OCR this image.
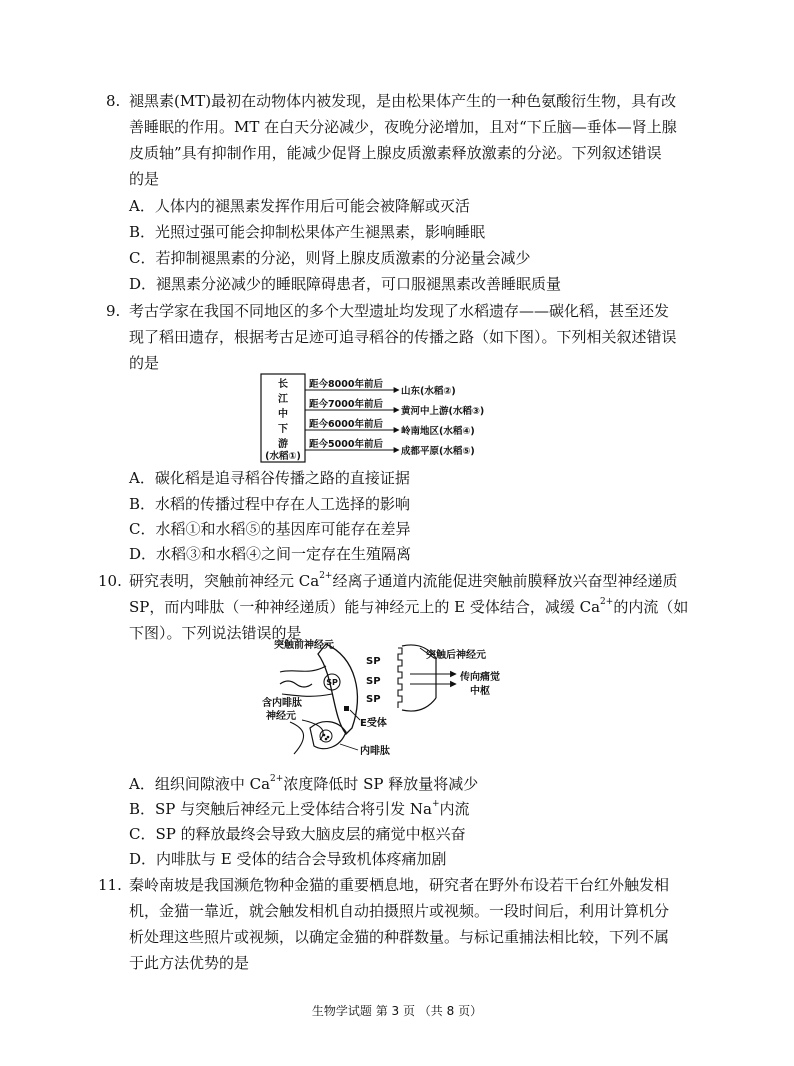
8. 褪黑素(MT)最初在动物体内被发现，是由松果体产生的一种色氨酸衍生物，具有改
善睡眠的作用。MT 在白天分泌减少，夜晚分泌增加，且对“下丘脑—垂体—肾上腺
皮质轴”具有抑制作用，能减少促肾上腺皮质激素释放激素的分泌。下列叙述错误
的是
A．人体内的褪黑素发挥作用后可能会被降解或灭活
B．光照过强可能会抑制松果体产生褪黑素，影响睡眠
C．若抑制褪黑素的分泌，则肾上腺皮质激素的分泌量会减少
D．褪黑素分泌减少的睡眠障碍患者，可口服褪黑素改善睡眠质量
9. 考古学家在我国不同地区的多个大型遗址均发现了水稻遗存——碳化稻，甚至还发
现了稻田遗存，根据考古足迹可追寻稻谷的传播之路（如下图）。下列相关叙述错误
的是
长
江
中
下
游
(水稻①)
距今8000年前后
距今7000年前后
距今6000年前后
距今5000年前后
山东(水稻②)
黄河中上游(水稻③)
岭南地区(水稻④)
成都平原(水稻⑤)
A．碳化稻是追寻稻谷传播之路的直接证据
B．水稻的传播过程中存在人工选择的影响
C．水稻①和水稻⑤的基因库可能存在差异
D．水稻③和水稻④之间一定存在生殖隔离
10. 研究表明，突触前神经元 $Ca^{2+}$经离子通道内流能促进突触前膜释放兴奋型神经递质
SP，而内啡肽（一种神经递质）能与神经元上的 E 受体结合，减缓 $Ca^{2+}$的内流（如
下图）。下列说法错误的是
突触前神经元
突触后神经元
SP
SP
SP
SP
传向痛觉
中枢
含内啡肽
神经元
E受体
内啡肽
A．组织间隙液中 $Ca^{2+}$浓度降低时 SP 释放量将减少
B．SP 与突触后神经元上受体结合将引发 Na+内流
C．SP 的释放最终会导致大脑皮层的痛觉中枢兴奋
D．内啡肽与 E 受体的结合会导致机体疼痛加剧
11. 秦岭南坡是我国濒危物种金猫的重要栖息地，研究者在野外布设若干台红外触发相
机，金猫一靠近，就会触发相机自动拍摄照片或视频。一段时间后，利用计算机分
析处理这些照片或视频，以确定金猫的种群数量。与标记重捕法相比较，下列不属
于此方法优势的是
生物学试题 第 3 页 （共 8 页）
